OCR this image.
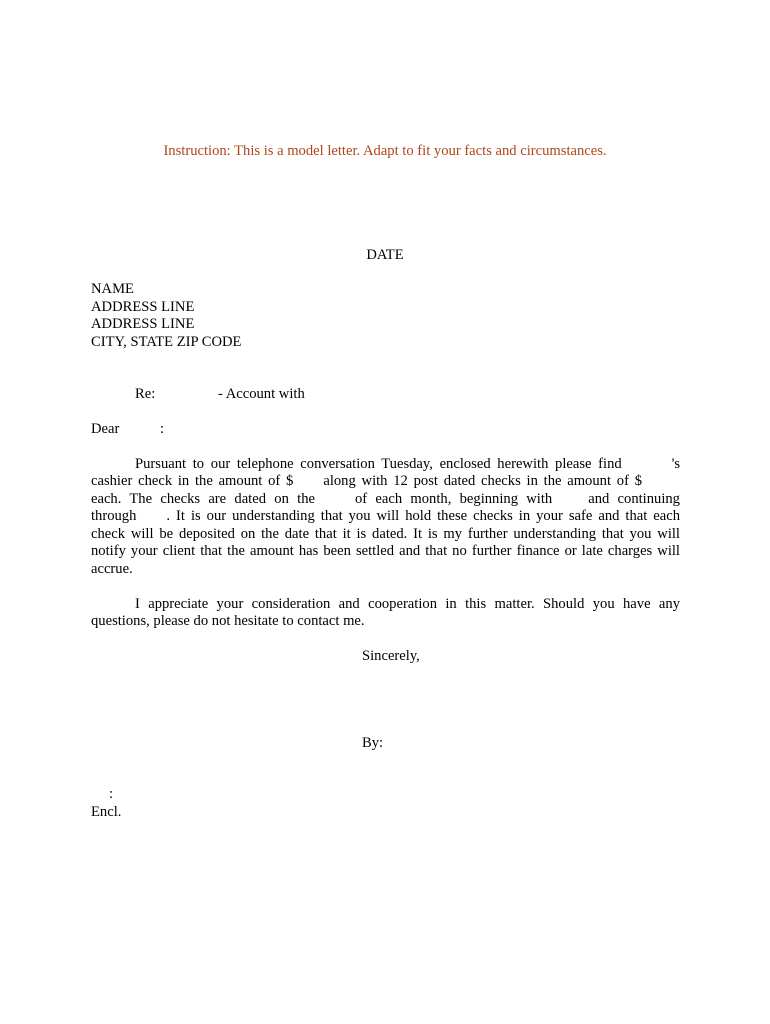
Instruction: This is a model letter. Adapt to fit your facts and circumstances.
DATE
NAME
ADDRESS LINE
ADDRESS LINE
CITY, STATE ZIP CODE
Re:	- Account with
Dear	:
Pursuant to our telephone conversation Tuesday, enclosed herewith please find	's
cashier check in the amount of $ along with 12 post dated checks in the amount of $
each. The checks are dated on the	of each month, beginning with and continuing
through . It is our understanding that you will hold these checks in your safe and that each
check will be deposited on the date that it is dated. It is my further understanding that you will
notify your client that the amount has been settled and that no further finance or late charges will
accrue.
I appreciate your consideration and cooperation in this matter. Should you have any
questions, please do not hesitate to contact me.
Sincerely,
By:
:
Encl.
